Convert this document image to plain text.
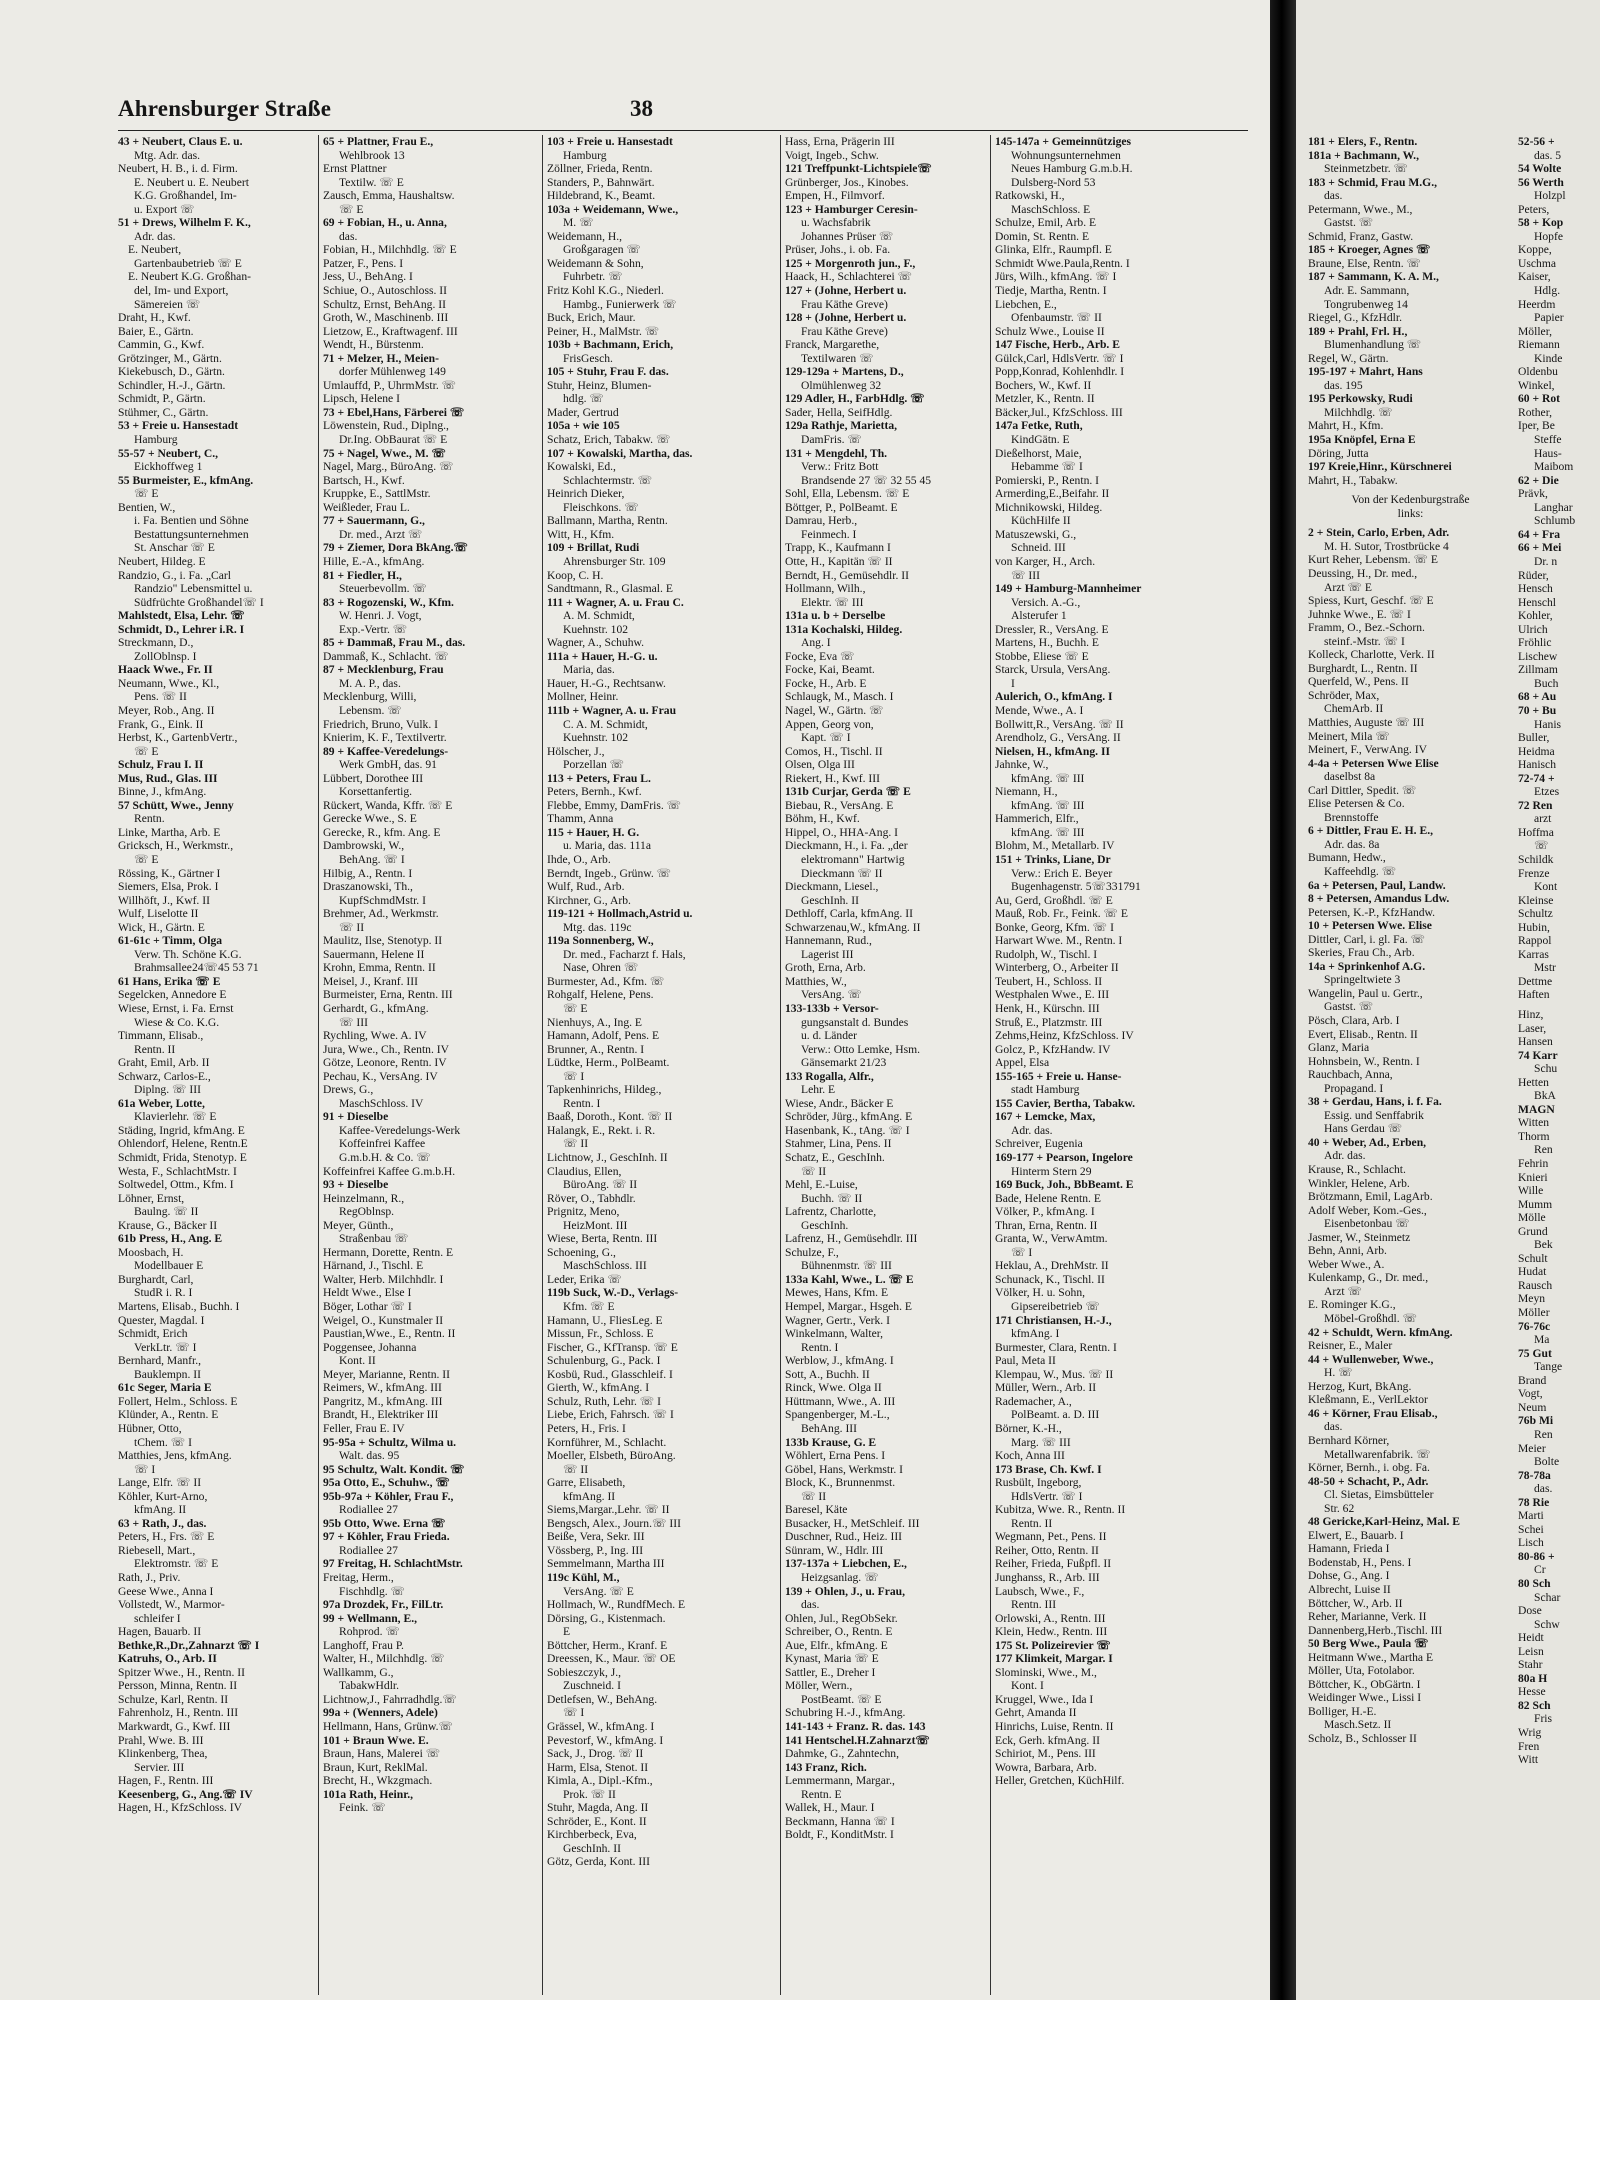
Ahrensburger Straße	38

43 + Neubert, Claus E. u.

Mtg. Adr. das.

Neubert, H. B., i. d. Firm.

E. Neubert u. E. Neubert

K.G. Großhandel, Im-

u. Export ☏

51 + Drews, Wilhelm F. K.,

Adr. das.

E. Neubert,

Gartenbaubetrieb ☏ E

E. Neubert K.G. Großhan-

del, Im- und Export,

Sämereien ☏

Draht, H., Kwf.

Baier, E., Gärtn.

Cammin, G., Kwf.

Grötzinger, M., Gärtn.

Kiekebusch, D., Gärtn.

Schindler, H.-J., Gärtn.

Schmidt, P., Gärtn.

Stühmer, C., Gärtn.

53 + Freie u. Hansestadt

Hamburg

55-57 + Neubert, C.,

Eickhoffweg 1

55 Burmeister, E., kfmAng.

☏ E

Bentien, W.,

i. Fa. Bentien und Söhne

Bestattungsunternehmen

St. Anschar ☏ E

Neubert, Hildeg. E

Randzio, G., i. Fa. „Carl

Randzio" Lebensmittel u.

Südfrüchte Großhandel☏ I

Mahlstedt, Elsa, Lehr. ☏

Schmidt, D., Lehrer i.R. I

Streckmann, D.,

ZollOblnsp. I

Haack Wwe., Fr. II

Neumann, Wwe., Kl.,

Pens. ☏ II

Meyer, Rob., Ang. II

Frank, G., Eink. II

Herbst, K., GartenbVertr.,

☏ E

Schulz, Frau I. II

Mus, Rud., Glas. III

Binne, J., kfmAng.

57 Schütt, Wwe., Jenny

Rentn.

Linke, Martha, Arb. E

Gricksch, H., Werkmstr.,

☏ E

Rössing, K., Gärtner I

Siemers, Elsa, Prok. I

Willhöft, J., Kwf. II

Wulf, Liselotte II

Wick, H., Gärtn. E

61-61c + Timm, Olga

Verw. Th. Schöne K.G.

Brahmsallee24☏45 53 71

61 Hans, Erika ☏ E

Segelcken, Annedore E

Wiese, Ernst, i. Fa. Ernst

Wiese & Co. K.G.

Timmann, Elisab.,

Rentn. II

Graht, Emil, Arb. II

Schwarz, Carlos-E.,

Diplng. ☏ III

61a Weber, Lotte,

Klavierlehr. ☏ E

Städing, Ingrid, kfmAng. E

Ohlendorf, Helene, Rentn.E

Schmidt, Frida, Stenotyp. E

Westa, F., SchlachtMstr. I

Soltwedel, Ottm., Kfm. I

Löhner, Ernst,

Baulng. ☏ II

Krause, G., Bäcker II

61b Press, H., Ang. E

Moosbach, H.

Modellbauer E

Burghardt, Carl,

StudR i. R. I

Martens, Elisab., Buchh. I

Quester, Magdal. I

Schmidt, Erich

VerkLtr. ☏ I

Bernhard, Manfr.,

Bauklempn. II

61c Seger, Maria E

Follert, Helm., Schloss. E

Klünder, A., Rentn. E

Hübner, Otto,

tChem. ☏ I

Matthies, Jens, kfmAng.

☏ I

Lange, Elfr. ☏ II

Köhler, Kurt-Arno,

kfmAng. II

63 + Rath, J., das.

Peters, H., Frs. ☏ E

Riebesell, Mart.,

Elektromstr. ☏ E

Rath, J., Priv.

Geese Wwe., Anna I

Vollstedt, W., Marmor-

schleifer I

Hagen, Bauarb. II

Bethke,R.,Dr.,Zahnarzt ☏ I

Katruhs, O., Arb. II

Spitzer Wwe., H., Rentn. II

Persson, Minna, Rentn. II

Schulze, Karl, Rentn. II

Fahrenholz, H., Rentn. III

Markwardt, G., Kwf. III

Prahl, Wwe. B. III

Klinkenberg, Thea,

Servier. III

Hagen, F., Rentn. III

Keesenberg, G., Ang.☏ IV

Hagen, H., KfzSchloss. IV

65 + Plattner, Frau E.,

Wehlbrook 13

Ernst Plattner

Textilw. ☏ E

Zausch, Emma, Haushaltsw.

☏ E

69 + Fobian, H., u. Anna,

das.

Fobian, H., Milchhdlg. ☏ E

Patzer, F., Pens. I

Jess, U., BehAng. I

Schiue, O., Autoschloss. II

Schultz, Ernst, BehAng. II

Groth, W., Maschinenb. III

Lietzow, E., Kraftwagenf. III

Wendt, H., Bürstenm.

71 + Melzer, H., Meien-

dorfer Mühlenweg 149

Umlauffd, P., UhrmMstr. ☏

Lipsch, Helene I

73 + Ebel,Hans, Färberei ☏

Löwenstein, Rud., Diplng.,

Dr.Ing. ObBaurat ☏ E

75 + Nagel, Wwe., M. ☏

Nagel, Marg., BüroAng. ☏

Bartsch, H., Kwf.

Kruppke, E., SattlMstr.

Weißleder, Frau L.

77 + Sauermann, G.,

Dr. med., Arzt ☏

79 + Ziemer, Dora BkAng.☏

Hille, E.-A., kfmAng.

81 + Fiedler, H.,

Steuerbevollm. ☏

83 + Rogozenski, W., Kfm.

W. Henri. J. Vogt,

Exp.-Vertr. ☏

85 + Dammaß, Frau M., das.

Dammaß, K., Schlacht. ☏

87 + Mecklenburg, Frau

M. A. P., das.

Mecklenburg, Willi,

Lebensm. ☏

Friedrich, Bruno, Vulk. I

Knierim, K. F., Textilvertr.

89 + Kaffee-Veredelungs-

Werk GmbH, das. 91

Lübbert, Dorothee III

Korsettanfertig.

Rückert, Wanda, Kffr. ☏ E

Gerecke Wwe., S. E

Gerecke, R., kfm. Ang. E

Dambrowski, W.,

BehAng. ☏ I

Hilbig, A., Rentn. I

Draszanowski, Th.,

KupfSchmdMstr. I

Brehmer, Ad., Werkmstr.

☏ II

Maulitz, Ilse, Stenotyp. II

Sauermann, Helene II

Krohn, Emma, Rentn. II

Meisel, J., Kranf. III

Burmeister, Erna, Rentn. III

Gerhardt, G., kfmAng.

☏ III

Rychling, Wwe. A. IV

Jura, Wwe., Ch., Rentn. IV

Götze, Leonore, Rentn. IV

Pechau, K., VersAng. IV

Drews, G.,

MaschSchloss. IV

91 + Dieselbe

Kaffee-Veredelungs-Werk

Koffeinfrei Kaffee

G.m.b.H. & Co. ☏

Koffeinfrei Kaffee G.m.b.H.

93 + Dieselbe

Heinzelmann, R.,

RegOblnsp.

Meyer, Günth.,

Straßenbau ☏

Hermann, Dorette, Rentn. E

Härnand, J., Tischl. E

Walter, Herb. Milchhdlr. I

Heldt Wwe., Else I

Böger, Lothar ☏ I

Weigel, O., Kunstmaler II

Paustian,Wwe., E., Rentn. II

Poggensee, Johanna

Kont. II

Meyer, Marianne, Rentn. II

Reimers, W., kfmAng. III

Pangritz, M., kfmAng. III

Brandt, H., Elektriker III

Feller, Frau E. IV

95-95a + Schultz, Wilma u.

Walt. das. 95

95 Schultz, Walt. Kondit. ☏

95a Otto, E., Schuhw., ☏

95b-97a + Köhler, Frau F.,

Rodiallee 27

95b Otto, Wwe. Erna ☏

97 + Köhler, Frau Frieda.

Rodiallee 27

97 Freitag, H. SchlachtMstr.

Freitag, Herm.,

Fischhdlg. ☏

97a Drozdek, Fr., FilLtr.

99 + Wellmann, E.,

Rohprod. ☏

Langhoff, Frau P.

Walter, H., Milchhdlg. ☏

Wallkamm, G.,

TabakwHdlr.

Lichtnow,J., Fahrradhdlg.☏

99a + (Wenners, Adele)

Hellmann, Hans, Grünw.☏

101 + Braun Wwe. E.

Braun, Hans, Malerei ☏

Braun, Kurt, ReklMal.

Brecht, H., Wkzgmach.

101a Rath, Heinr.,

Feink. ☏

103 + Freie u. Hansestadt

Hamburg

Zöllner, Frieda, Rentn.

Standers, P., Bahnwärt.

Hildebrand, K., Beamt.

103a + Weidemann, Wwe.,

M. ☏

Weidemann, H.,

Großgaragen ☏

Weidemann & Sohn,

Fuhrbetr. ☏

Fritz Kohl K.G., Niederl.

Hambg., Funierwerk ☏

Buck, Erich, Maur.

Peiner, H., MalMstr. ☏

103b + Bachmann, Erich,

FrisGesch.

105 + Stuhr, Frau F. das.

Stuhr, Heinz, Blumen-

hdlg. ☏

Mader, Gertrud

105a + wie 105

Schatz, Erich, Tabakw. ☏

107 + Kowalski, Martha, das.

Kowalski, Ed.,

Schlachtermstr. ☏

Heinrich Dieker,

Fleischkons. ☏

Ballmann, Martha, Rentn.

Witt, H., Kfm.

109 + Brillat, Rudi

Ahrensburger Str. 109

Koop, C. H.

Sandtmann, R., Glasmal. E

111 + Wagner, A. u. Frau C.

A. M. Schmidt,

Kuehnstr. 102

Wagner, A., Schuhw.

111a + Hauer, H.-G. u.

Maria, das.

Hauer, H.-G., Rechtsanw.

Mollner, Heinr.

111b + Wagner, A. u. Frau

C. A. M. Schmidt,

Kuehnstr. 102

Hölscher, J.,

Porzellan ☏

113 + Peters, Frau L.

Peters, Bernh., Kwf.

Flebbe, Emmy, DamFris. ☏

Thamm, Anna

115 + Hauer, H. G.

u. Maria, das. 111a

Ihde, O., Arb.

Berndt, Ingeb., Grünw. ☏

Wulf, Rud., Arb.

Kirchner, G., Arb.

119-121 + Hollmach,Astrid u.

Mtg. das. 119c

119a Sonnenberg, W.,

Dr. med., Facharzt f. Hals,

Nase, Ohren ☏

Burmester, Ad., Kfm. ☏

Rohgalf, Helene, Pens.

☏ E

Nienhuys, A., Ing. E

Hamann, Adolf, Pens. E

Brunner, A., Rentn. I

Lüdtke, Herm., PolBeamt.

☏ I

Tapkenhinrichs, Hildeg.,

Rentn. I

Baaß, Doroth., Kont. ☏ II

Halangk, E., Rekt. i. R.

☏ II

Lichtnow, J., GeschInh. II

Claudius, Ellen,

BüroAng. ☏ II

Röver, O., Tabhdlr.

Prignitz, Meno,

HeizMont. III

Wiese, Berta, Rentn. III

Schoening, G.,

MaschSchloss. III

Leder, Erika ☏

119b Suck, W.-D., Verlags-

Kfm. ☏ E

Hamann, U., FliesLeg. E

Missun, Fr., Schloss. E

Fischer, G., KfTransp. ☏ E

Schulenburg, G., Pack. I

Kosbü, Rud., Glasschleif. I

Gierth, W., kfmAng. I

Schulz, Ruth, Lehr. ☏ I

Liebe, Erich, Fahrsch. ☏ I

Peters, H., Fris. I

Kornführer, M., Schlacht.

Moeller, Elsbeth, BüroAng.

☏ II

Garre, Elisabeth,

kfmAng. II

Siems,Margar.,Lehr. ☏ II

Bengsch, Alex., Journ.☏ III

Beiße, Vera, Sekr. III

Vössberg, P., Ing. III

Semmelmann, Martha III

119c Kühl, M.,

VersAng. ☏ E

Hollmach, W., RundfMech. E

Dörsing, G., Kistenmach.

E

Böttcher, Herm., Kranf. E

Dreessen, K., Maur. ☏ OE

Sobieszczyk, J.,

Zuschneid. I

Detlefsen, W., BehAng.

☏ I

Grässel, W., kfmAng. I

Pevestorf, W., kfmAng. I

Sack, J., Drog. ☏ II

Harm, Elsa, Stenot. II

Kimla, A., Dipl.-Kfm.,

Prok. ☏ II

Stuhr, Magda, Ang. II

Schröder, E., Kont. II

Kirchberbeck, Eva,

GeschInh. II

Götz, Gerda, Kont. III

Hass, Erna, Prägerin III

Voigt, Ingeb., Schw.

121 Treffpunkt-Lichtspiele☏

Grünberger, Jos., Kinobes.

Empen, H., Filmvorf.

123 + Hamburger Ceresin-

u. Wachsfabrik

Johannes Prüser ☏

Prüser, Johs., i. ob. Fa.

125 + Morgenroth jun., F.,

Haack, H., Schlachterei ☏

127 + (Johne, Herbert u.

Frau Käthe Greve)

128 + (Johne, Herbert u.

Frau Käthe Greve)

Franck, Margarethe,

Textilwaren ☏

129-129a + Martens, D.,

Olmühlenweg 32

129 Adler, H., FarbHdlg. ☏

Sader, Hella, SeifHdlg.

129a Rathje, Marietta,

DamFris. ☏

131 + Mengdehl, Th.

Verw.: Fritz Bott

Brandsende 27 ☏ 32 55 45

Sohl, Ella, Lebensm. ☏ E

Böttger, P., PolBeamt. E

Damrau, Herb.,

Feinmech. I

Trapp, K., Kaufmann I

Otte, H., Kapitän ☏ II

Berndt, H., Gemüsehdlr. II

Hollmann, Wilh.,

Elektr. ☏ III

131a u. b + Derselbe

131a Kochalski, Hildeg.

Ang. I

Focke, Eva ☏

Focke, Kai, Beamt.

Focke, H., Arb. E

Schlaugk, M., Masch. I

Nagel, W., Gärtn. ☏

Appen, Georg von,

Kapt. ☏ I

Comos, H., Tischl. II

Olsen, Olga III

Riekert, H., Kwf. III

131b Curjar, Gerda ☏ E

Biebau, R., VersAng. E

Böhm, H., Kwf.

Hippel, O., HHA-Ang. I

Dieckmann, H., i. Fa. „der

elektromann" Hartwig

Dieckmann ☏ II

Dieckmann, Liesel.,

GeschInh. II

Dethloff, Carla, kfmAng. II

Schwarzenau,W., kfmAng. II

Hannemann, Rud.,

Lagerist III

Groth, Erna, Arb.

Matthies, W.,

VersAng. ☏

133-133b + Versor-

gungsanstalt d. Bundes

u. d. Länder

Verw.: Otto Lemke, Hsm.

Gänsemarkt 21/23

133 Rogalla, Alfr.,

Lehr. E

Wiese, Andr., Bäcker E

Schröder, Jürg., kfmAng. E

Hasenbank, K., tAng. ☏ I

Stahmer, Lina, Pens. II

Schatz, E., GeschInh.

☏ II

Mehl, E.-Luise,

Buchh. ☏ II

Lafrentz, Charlotte,

GeschInh.

Lafrenz, H., Gemüsehdlr. III

Schulze, F.,

Bühnenmstr. ☏ III

133a Kahl, Wwe., L. ☏ E

Mewes, Hans, Kfm. E

Hempel, Margar., Hsgeh. E

Wagner, Gertr., Verk. I

Winkelmann, Walter,

Rentn. I

Werblow, J., kfmAng. I

Sott, A., Buchh. II

Rinck, Wwe. Olga II

Hüttmann, Wwe., A. III

Spangenberger, M.-L.,

BehAng. III

133b Krause, G. E

Wöhlert, Erna Pens. I

Göbel, Hans, Werkmstr. I

Block, K., Brunnenmst.

☏ II

Baresel, Käte

Busacker, H., MetSchleif. III

Duschner, Rud., Heiz. III

Sünram, W., Hdlr. III

137-137a + Liebchen, E.,

Heizgsanlag. ☏

139 + Ohlen, J., u. Frau,

das.

Ohlen, Jul., RegObSekr.

Schreiber, O., Rentn. E

Aue, Elfr., kfmAng. E

Kynast, Maria ☏ E

Sattler, E., Dreher I

Möller, Wern.,

PostBeamt. ☏ E

Schubring H.-J., kfmAng.

141-143 + Franz. R. das. 143

141 Hentschel.H.Zahnarzt☏

Dahmke, G., Zahntechn,

143 Franz, Rich.

Lemmermann, Margar.,

Rentn. E

Wallek, H., Maur. I

Beckmann, Hanna ☏ I

Boldt, F., KonditMstr. I

145-147a + Gemeinnütziges

Wohnungsunternehmen

Neues Hamburg G.m.b.H.

Dulsberg-Nord 53

Ratkowski, H.,

MaschSchloss. E

Schulze, Emil, Arb. E

Domin, St. Rentn. E

Glinka, Elfr., Raumpfl. E

Schmidt Wwe.Paula,Rentn. I

Jürs, Wilh., kfmAng. ☏ I

Tiedje, Martha, Rentn. I

Liebchen, E.,

Ofenbaumstr. ☏ II

Schulz Wwe., Louise II

147 Fische, Herb., Arb. E

Gülck,Carl, HdlsVertr. ☏ I

Popp,Konrad, Kohlenhdlr. I

Bochers, W., Kwf. II

Metzler, K., Rentn. II

Bäcker,Jul., KfzSchloss. III

147a Fetke, Ruth,

KindGätn. E

Dießelhorst, Maie,

Hebamme ☏ I

Pomierski, P., Rentn. I

Armerding,E.,Beifahr. II

Michnikowski, Hildeg.

KüchHilfe II

Matuszewski, G.,

Schneid. III

von Karger, H., Arch.

☏ III

149 + Hamburg-Mannheimer

Versich. A.-G.,

Alsterufer 1

Dressler, R., VersAng. E

Martens, H., Buchh. E

Stobbe, Eliese ☏ E

Starck, Ursula, VersAng.

I

Aulerich, O., kfmAng. I

Mende, Wwe., A. I

Bollwitt,R., VersAng. ☏ II

Arendholz, G., VersAng. II

Nielsen, H., kfmAng. II

Jahnke, W.,

kfmAng. ☏ III

Niemann, H.,

kfmAng. ☏ III

Hammerich, Elfr.,

kfmAng. ☏ III

Blohm, M., Metallarb. IV

151 + Trinks, Liane, Dr

Verw.: Erich E. Beyer

Bugenhagenstr. 5☏331791

Au, Gerd, Großhdl. ☏ E

Mauß, Rob. Fr., Feink. ☏ E

Bonke, Georg, Kfm. ☏ I

Harwart Wwe. M., Rentn. I

Rudolph, W., Tischl. I

Winterberg, O., Arbeiter II

Teubert, H., Schloss. II

Westphalen Wwe., E. III

Henk, H., Kürschn. III

Struß, E., Platzmstr. III

Zehms,Heinz, KfzSchloss. IV

Golcz, P., KfzHandw. IV

Appel, Elsa

155-165 + Freie u. Hanse-

stadt Hamburg

155 Cavier, Bertha, Tabakw.

167 + Lemcke, Max,

Adr. das.

Schreiver, Eugenia

169-177 + Pearson, Ingelore

Hinterm Stern 29

169 Buck, Joh., BbBeamt. E

Bade, Helene Rentn. E

Völker, P., kfmAng. I

Thran, Erna, Rentn. II

Granta, W., VerwAmtm.

☏ I

Heklau, A., DrehMstr. II

Schunack, K., Tischl. II

Völker, H. u. Sohn,

Gipsereibetrieb ☏

171 Christiansen, H.-J.,

kfmAng. I

Burmester, Clara, Rentn. I

Paul, Meta II

Klempau, W., Mus. ☏ II

Müller, Wern., Arb. II

Rademacher, A.,

PolBeamt. a. D. III

Börner, K.-H.,

Marg. ☏ III

Koch, Anna III

173 Brase, Ch. Kwf. I

Rusbült, Ingeborg,

HdlsVertr. ☏ I

Kubitza, Wwe. R., Rentn. II

Rentn. II

Wegmann, Pet., Pens. II

Reiher, Otto, Rentn. II

Reiher, Frieda, Fußpfl. II

Junghanss, R., Arb. III

Laubsch, Wwe., F.,

Rentn. III

Orlowski, A., Rentn. III

Klein, Hedw., Rentn. III

175 St. Polizeirevier ☏

177 Klimkeit, Margar. I

Slominski, Wwe., M.,

Kont. I

Kruggel, Wwe., Ida I

Gehrt, Amanda II

Hinrichs, Luise, Rentn. II

Eck, Gerh. kfmAng. II

Schiriot, M., Pens. III

Wowra, Barbara, Arb.

Heller, Gretchen, KüchHilf.

181 + Elers, F., Rentn.

181a + Bachmann, W.,

Steinmetzbetr. ☏

183 + Schmid, Frau M.G.,

das.

Petermann, Wwe., M.,

Gastst. ☏

Schmid, Franz, Gastw.

185 + Kroeger, Agnes ☏

Braune, Else, Rentn. ☏

187 + Sammann, K. A. M.,

Adr. E. Sammann,

Tongrubenweg 14

Riegel, G., KfzHdlr.

189 + Prahl, Frl. H.,

Blumenhandlung ☏

Regel, W., Gärtn.

195-197 + Mahrt, Hans

das. 195

195 Perkowsky, Rudi

Milchhdlg. ☏

Mahrt, H., Kfm.

195a Knöpfel, Erna E

Döring, Jutta

197 Kreie,Hinr., Kürschnerei

Mahrt, H., Tabakw.

Von der Kedenburgstraße

links:

2 + Stein, Carlo, Erben, Adr.

M. H. Sutor, Trostbrücke 4

Kurt Reher, Lebensm. ☏ E

Deussing, H., Dr. med.,

Arzt ☏ E

Spiess, Kurt, Geschf. ☏ E

Juhnke Wwe., E. ☏ I

Framm, O., Bez.-Schorn.

steinf.-Mstr. ☏ I

Kolleck, Charlotte, Verk. II

Burghardt, L., Rentn. II

Querfeld, W., Pens. II

Schröder, Max,

ChemArb. II

Matthies, Auguste ☏ III

Meinert, Mila ☏

Meinert, F., VerwAng. IV

4-4a + Petersen Wwe Elise

daselbst 8a

Carl Dittler, Spedit. ☏

Elise Petersen & Co.

Brennstoffe

6 + Dittler, Frau E. H. E.,

Adr. das. 8a

Bumann, Hedw.,

Kaffeehdlg. ☏

6a + Petersen, Paul, Landw.

8 + Petersen, Amandus Ldw.

Petersen, K.-P., KfzHandw.

10 + Petersen Wwe. Elise

Dittler, Carl, i. gl. Fa. ☏

Skeries, Frau Ch., Arb.

14a + Sprinkenhof A.G.

Springeltwiete 3

Wangelin, Paul u. Gertr.,

Gastst. ☏

Pösch, Clara, Arb. I

Evert, Elisab., Rentn. II

Glanz, Maria

Hohnsbein, W., Rentn. I

Rauchbach, Anna,

Propagand. I

38 + Gerdau, Hans, i. f. Fa.

Essig. und Senffabrik

Hans Gerdau ☏

40 + Weber, Ad., Erben,

Adr. das.

Krause, R., Schlacht.

Winkler, Helene, Arb.

Brötzmann, Emil, LagArb.

Adolf Weber, Kom.-Ges.,

Eisenbetonbau ☏

Jasmer, W., Steinmetz

Behn, Anni, Arb.

Weber Wwe., A.

Kulenkamp, G., Dr. med.,

Arzt ☏

E. Rominger K.G.,

Möbel-Großhdl. ☏

42 + Schuldt, Wern. kfmAng.

Reisner, E., Maler

44 + Wullenweber, Wwe.,

H. ☏

Herzog, Kurt, BkAng.

Kleßmann, E., VerlLektor

46 + Körner, Frau Elisab.,

das.

Bernhard Körner,

Metallwarenfabrik. ☏

Körner, Bernh., i. obg. Fa.

48-50 + Schacht, P., Adr.

Cl. Sietas, Eimsbütteler

Str. 62

48 Gericke,Karl-Heinz, Mal. E

Elwert, E., Bauarb. I

Hamann, Frieda I

Bodenstab, H., Pens. I

Dohse, G., Ang. I

Albrecht, Luise II

Böttcher, W., Arb. II

Reher, Marianne, Verk. II

Dannenberg,Herb.,Tischl. III

50 Berg Wwe., Paula ☏

Heitmann Wwe., Martha E

Möller, Uta, Fotolabor.

Böttcher, K., ObGärtn. I

Weidinger Wwe., Lissi I

Bolliger, H.-E.

Masch.Setz. II

Scholz, B., Schlosser II

52-56 +

das. 5

54 Wolte

56 Werth

Holzpl

Peters,

58 + Kop

Hopfe

Koppe,

Uschma

Kaiser,

Hdlg.

Heerdm

Papier

Möller,

Riemann

Kinde

Oldenbu

Winkel,

60 + Rot

Rother,

Iper, Be

Steffe

Haus-

Maibom

62 + Die

Prävk,

Langhar

Schlumb

64 + Fra

66 + Mei

Dr. n

Rüder,

Hensch

Henschl

Kohler,

Ulrich

Fröhlic

Lischew

Zillmam

Buch

68 + Au

70 + Bu

Hanis

Buller,

Heidma

Hanisch

72-74 +

Etzes

72 Ren

arzt

Hoffma

☏

Schildk

Frenze

Kont

Kleinse

Schultz

Hubin,

Rappol

Karras

Mstr

Dettme

Haften

Hinz,

Laser,

Hansen

74 Karr

Schu

Hetten

BkA

MAGN

Witten

Thorm

Ren

Fehrin

Knieri

Wille

Mumm

Mölle

Grund

Bek

Schult

Hudat

Rausch

Meyn

Möller

76-76c

Ma

75 Gut

Tange

Brand

Vogt,

Neum

76b Mi

Ren

Meier

Bolte

78-78a

das.

78 Rie

Marti

Schei

Lisch

80-86 +

Cr

80 Sch

Schar

Dose

Schw

Heidt

Leisn

Stahr

80a H

Hesse

82 Sch

Fris

Wrig

Fren

Witt
